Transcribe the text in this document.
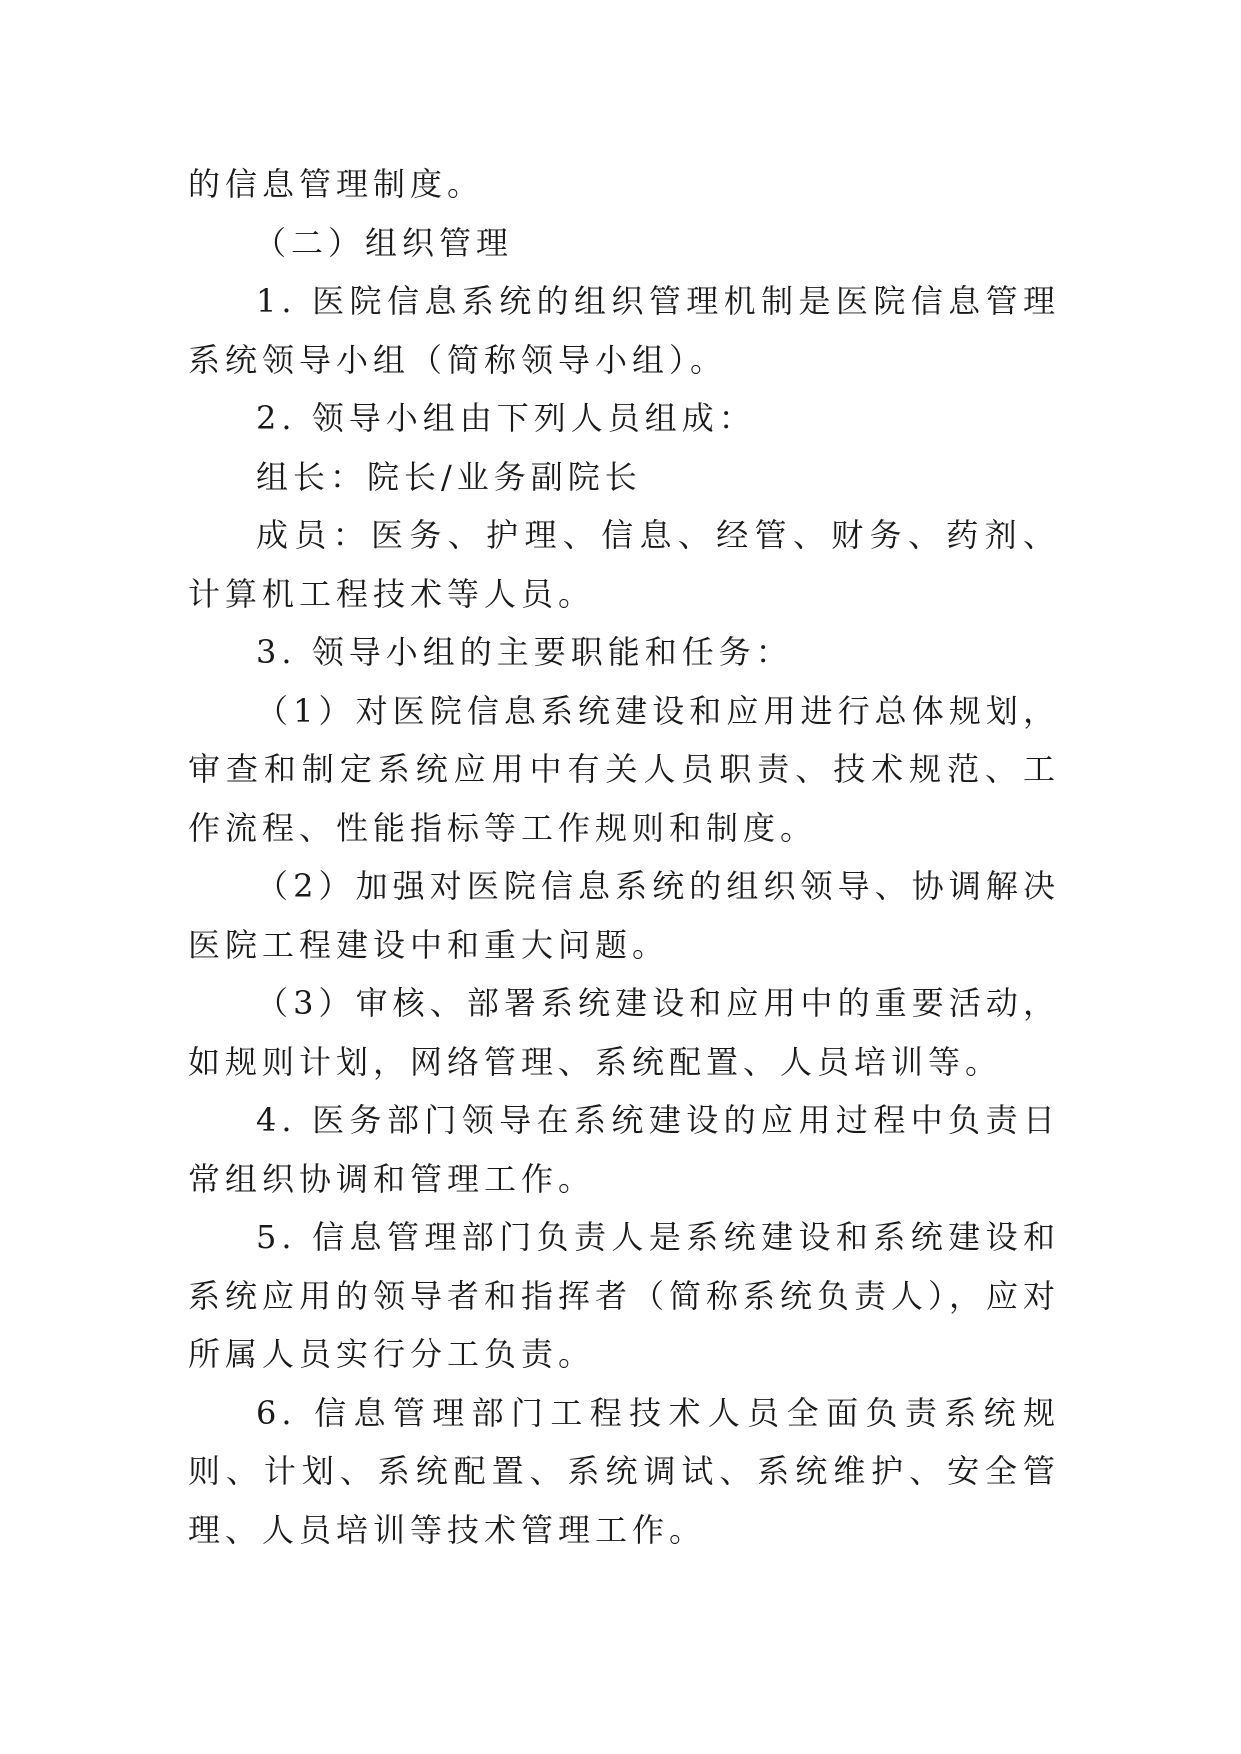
的信息管理制度。

（二）组织管理

1. 医院信息系统的组织管理机制是医院信息管理系统领导小组（简称领导小组）。

2. 领导小组由下列人员组成：

组长：院长/业务副院长

成员：医务、护理、信息、经管、财务、药剂、计算机工程技术等人员。

3. 领导小组的主要职能和任务：

（1）对医院信息系统建设和应用进行总体规划，审查和制定系统应用中有关人员职责、技术规范、工作流程、性能指标等工作规则和制度。

（2）加强对医院信息系统的组织领导、协调解决医院工程建设中和重大问题。

（3）审核、部署系统建设和应用中的重要活动，如规则计划，网络管理、系统配置、人员培训等。

4. 医务部门领导在系统建设的应用过程中负责日常组织协调和管理工作。

5. 信息管理部门负责人是系统建设和系统建设和系统应用的领导者和指挥者（简称系统负责人），应对所属人员实行分工负责。

6. 信息管理部门工程技术人员全面负责系统规则、计划、系统配置、系统调试、系统维护、安全管理、人员培训等技术管理工作。
